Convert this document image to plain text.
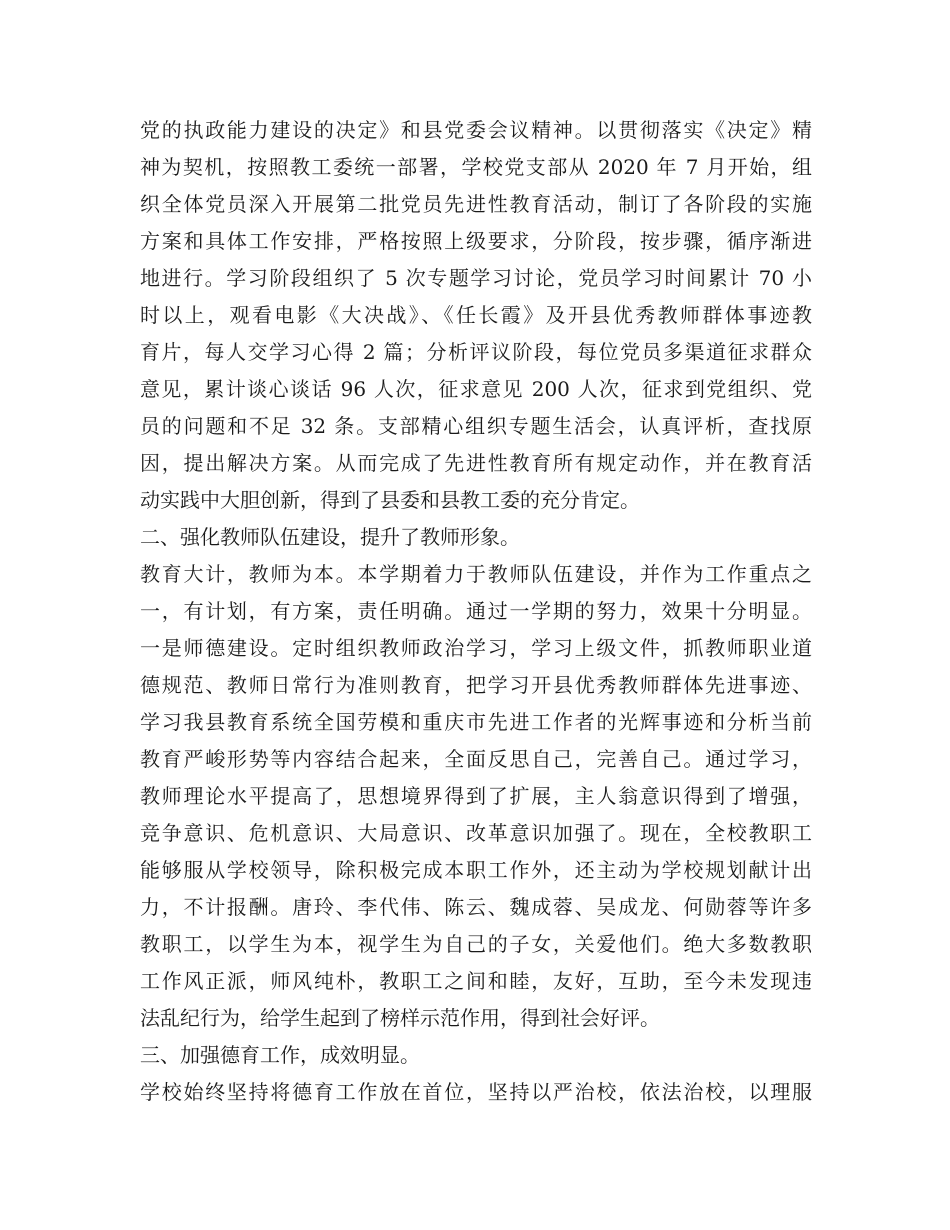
党的执政能力建设的决定》和县党委会议精神。以贯彻落实《决定》精
神为契机，按照教工委统一部署，学校党支部从 2020 年 7 月开始，组
织全体党员深入开展第二批党员先进性教育活动，制订了各阶段的实施
方案和具体工作安排，严格按照上级要求，分阶段，按步骤，循序渐进
地进行。学习阶段组织了 5 次专题学习讨论，党员学习时间累计 70 小
时以上，观看电影《大决战》、《任长霞》及开县优秀教师群体事迹教
育片，每人交学习心得 2 篇；分析评议阶段，每位党员多渠道征求群众
意见，累计谈心谈话 96 人次，征求意见 200 人次，征求到党组织、党
员的问题和不足 32 条。支部精心组织专题生活会，认真评析，查找原
因，提出解决方案。从而完成了先进性教育所有规定动作，并在教育活
动实践中大胆创新，得到了县委和县教工委的充分肯定。
二、强化教师队伍建设，提升了教师形象。
教育大计，教师为本。本学期着力于教师队伍建设，并作为工作重点之
一，有计划，有方案，责任明确。通过一学期的努力，效果十分明显。
一是师德建设。定时组织教师政治学习，学习上级文件，抓教师职业道
德规范、教师日常行为准则教育，把学习开县优秀教师群体先进事迹、
学习我县教育系统全国劳模和重庆市先进工作者的光辉事迹和分析当前
教育严峻形势等内容结合起来，全面反思自己，完善自己。通过学习，
教师理论水平提高了，思想境界得到了扩展，主人翁意识得到了增强，
竞争意识、危机意识、大局意识、改革意识加强了。现在，全校教职工
能够服从学校领导，除积极完成本职工作外，还主动为学校规划献计出
力，不计报酬。唐玲、李代伟、陈云、魏成蓉、吴成龙、何勋蓉等许多
教职工，以学生为本，视学生为自己的子女，关爱他们。绝大多数教职
工作风正派，师风纯朴，教职工之间和睦，友好，互助，至今未发现违
法乱纪行为，给学生起到了榜样示范作用，得到社会好评。
三、加强德育工作，成效明显。
学校始终坚持将德育工作放在首位，坚持以严治校，依法治校，以理服
